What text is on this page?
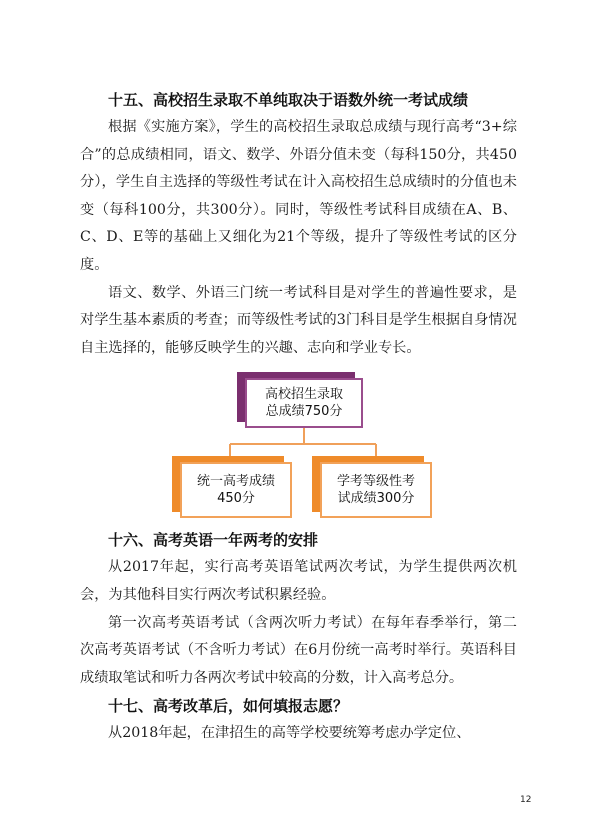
十五、高校招生录取不单纯取决于语数外统一考试成绩

根据《实施方案》，学生的高校招生录取总成绩与现行高考“3+综合”的总成绩相同，语文、数学、外语分值未变（每科150分，共450分），学生自主选择的等级性考试在计入高校招生总成绩时的分值也未变（每科100分，共300分）。同时，等级性考试科目成绩在A、B、C、D、E等的基础上又细化为21个等级，提升了等级性考试的区分度。

语文、数学、外语三门统一考试科目是对学生的普遍性要求，是对学生基本素质的考查；而等级性考试的3门科目是学生根据自身情况自主选择的，能够反映学生的兴趣、志向和学业专长。

高校招生录取
总成绩750分
统一高考成绩
450分
学考等级性考
试成绩300分

十六、高考英语一年两考的安排

从2017年起，实行高考英语笔试两次考试，为学生提供两次机会，为其他科目实行两次考试积累经验。

第一次高考英语考试（含两次听力考试）在每年春季举行，第二次高考英语考试（不含听力考试）在6月份统一高考时举行。英语科目成绩取笔试和听力各两次考试中较高的分数，计入高考总分。

十七、高考改革后，如何填报志愿？

从2018年起，在津招生的高等学校要统筹考虑办学定位、

12
